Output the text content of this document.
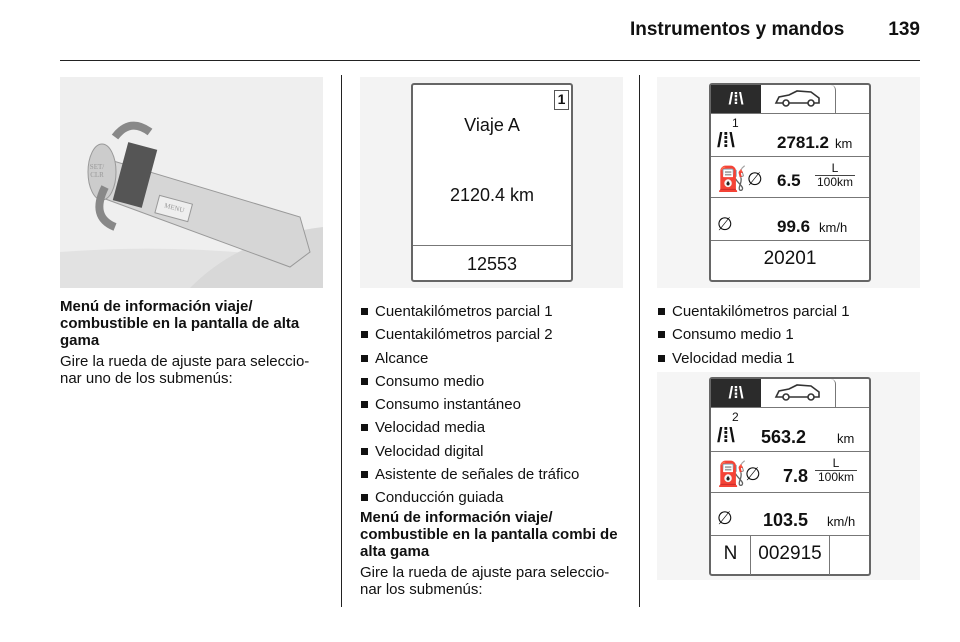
Instrumentos y mandos 139
SET/CLR
MENU
Menú de información viaje/ combustible en la pantalla de alta gama
Gire la rueda de ajuste para seleccio- nar uno de los submenús:
Viaje A
1
2120.4 km
12553
Cuentakilómetros parcial 1
Cuentakilómetros parcial 2
Alcance
Consumo medio
Consumo instantáneo
Velocidad media
Velocidad digital
Asistente de señales de tráfico
Conducción guiada
Menú de información viaje/ combustible en la pantalla combi de alta gama
Gire la rueda de ajuste para seleccio- nar los submenús:
/⁞\
1
/⁞\ 2781.2 km
⛽ ∅ $6.5 \frac{L}{100km}$
∅	99.6 km/h
20201
Cuentakilómetros parcial 1
Consumo medio 1
Velocidad media 1
/⁞\
2
/⁞\ 563.2 km
⛽
∅ $7.8 \frac{L}{100km}$
∅ 103.5 km/h
N	002915
